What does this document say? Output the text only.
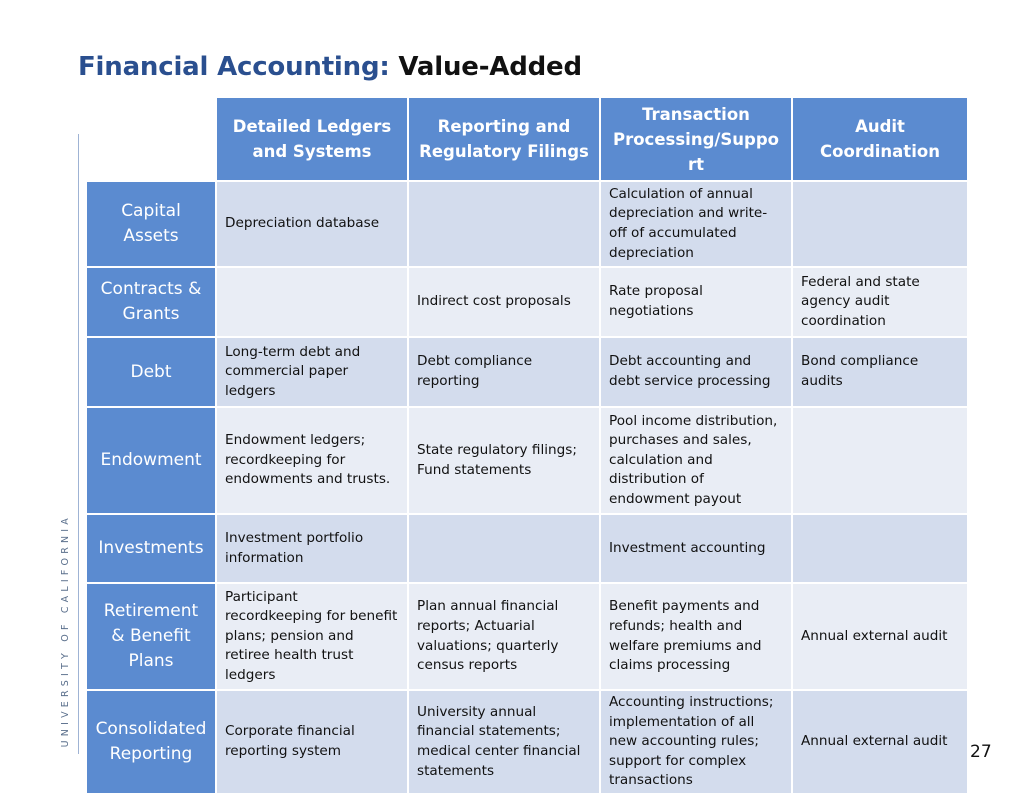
Financial Accounting: Value-Added
UNIVERSITY OF CALIFORNIA
	Detailed Ledgers and Systems	Reporting and Regulatory Filings	Transaction Processing/Support	Audit Coordination
Capital Assets	Depreciation database		Calculation of annual depreciation and write-off of accumulated depreciation	
Contracts & Grants		Indirect cost proposals	Rate proposal negotiations	Federal and state agency audit coordination
Debt	Long-term debt and commercial paper ledgers	Debt compliance reporting	Debt accounting and debt service processing	Bond compliance audits
Endowment	Endowment ledgers; recordkeeping for endowments and trusts.	State regulatory filings; Fund statements	Pool income distribution, purchases and sales, calculation and distribution of endowment payout	
Investments	Investment portfolio information		Investment accounting	
Retirement & Benefit Plans	Participant recordkeeping for benefit plans; pension and retiree health trust ledgers	Plan annual financial reports; Actuarial valuations; quarterly census reports	Benefit payments and refunds; health and welfare premiums and claims processing	Annual external audit
Consolidated Reporting	Corporate financial reporting system	University annual financial statements; medical center financial statements	Accounting instructions; implementation of all new accounting rules; support for complex transactions	Annual external audit
27
